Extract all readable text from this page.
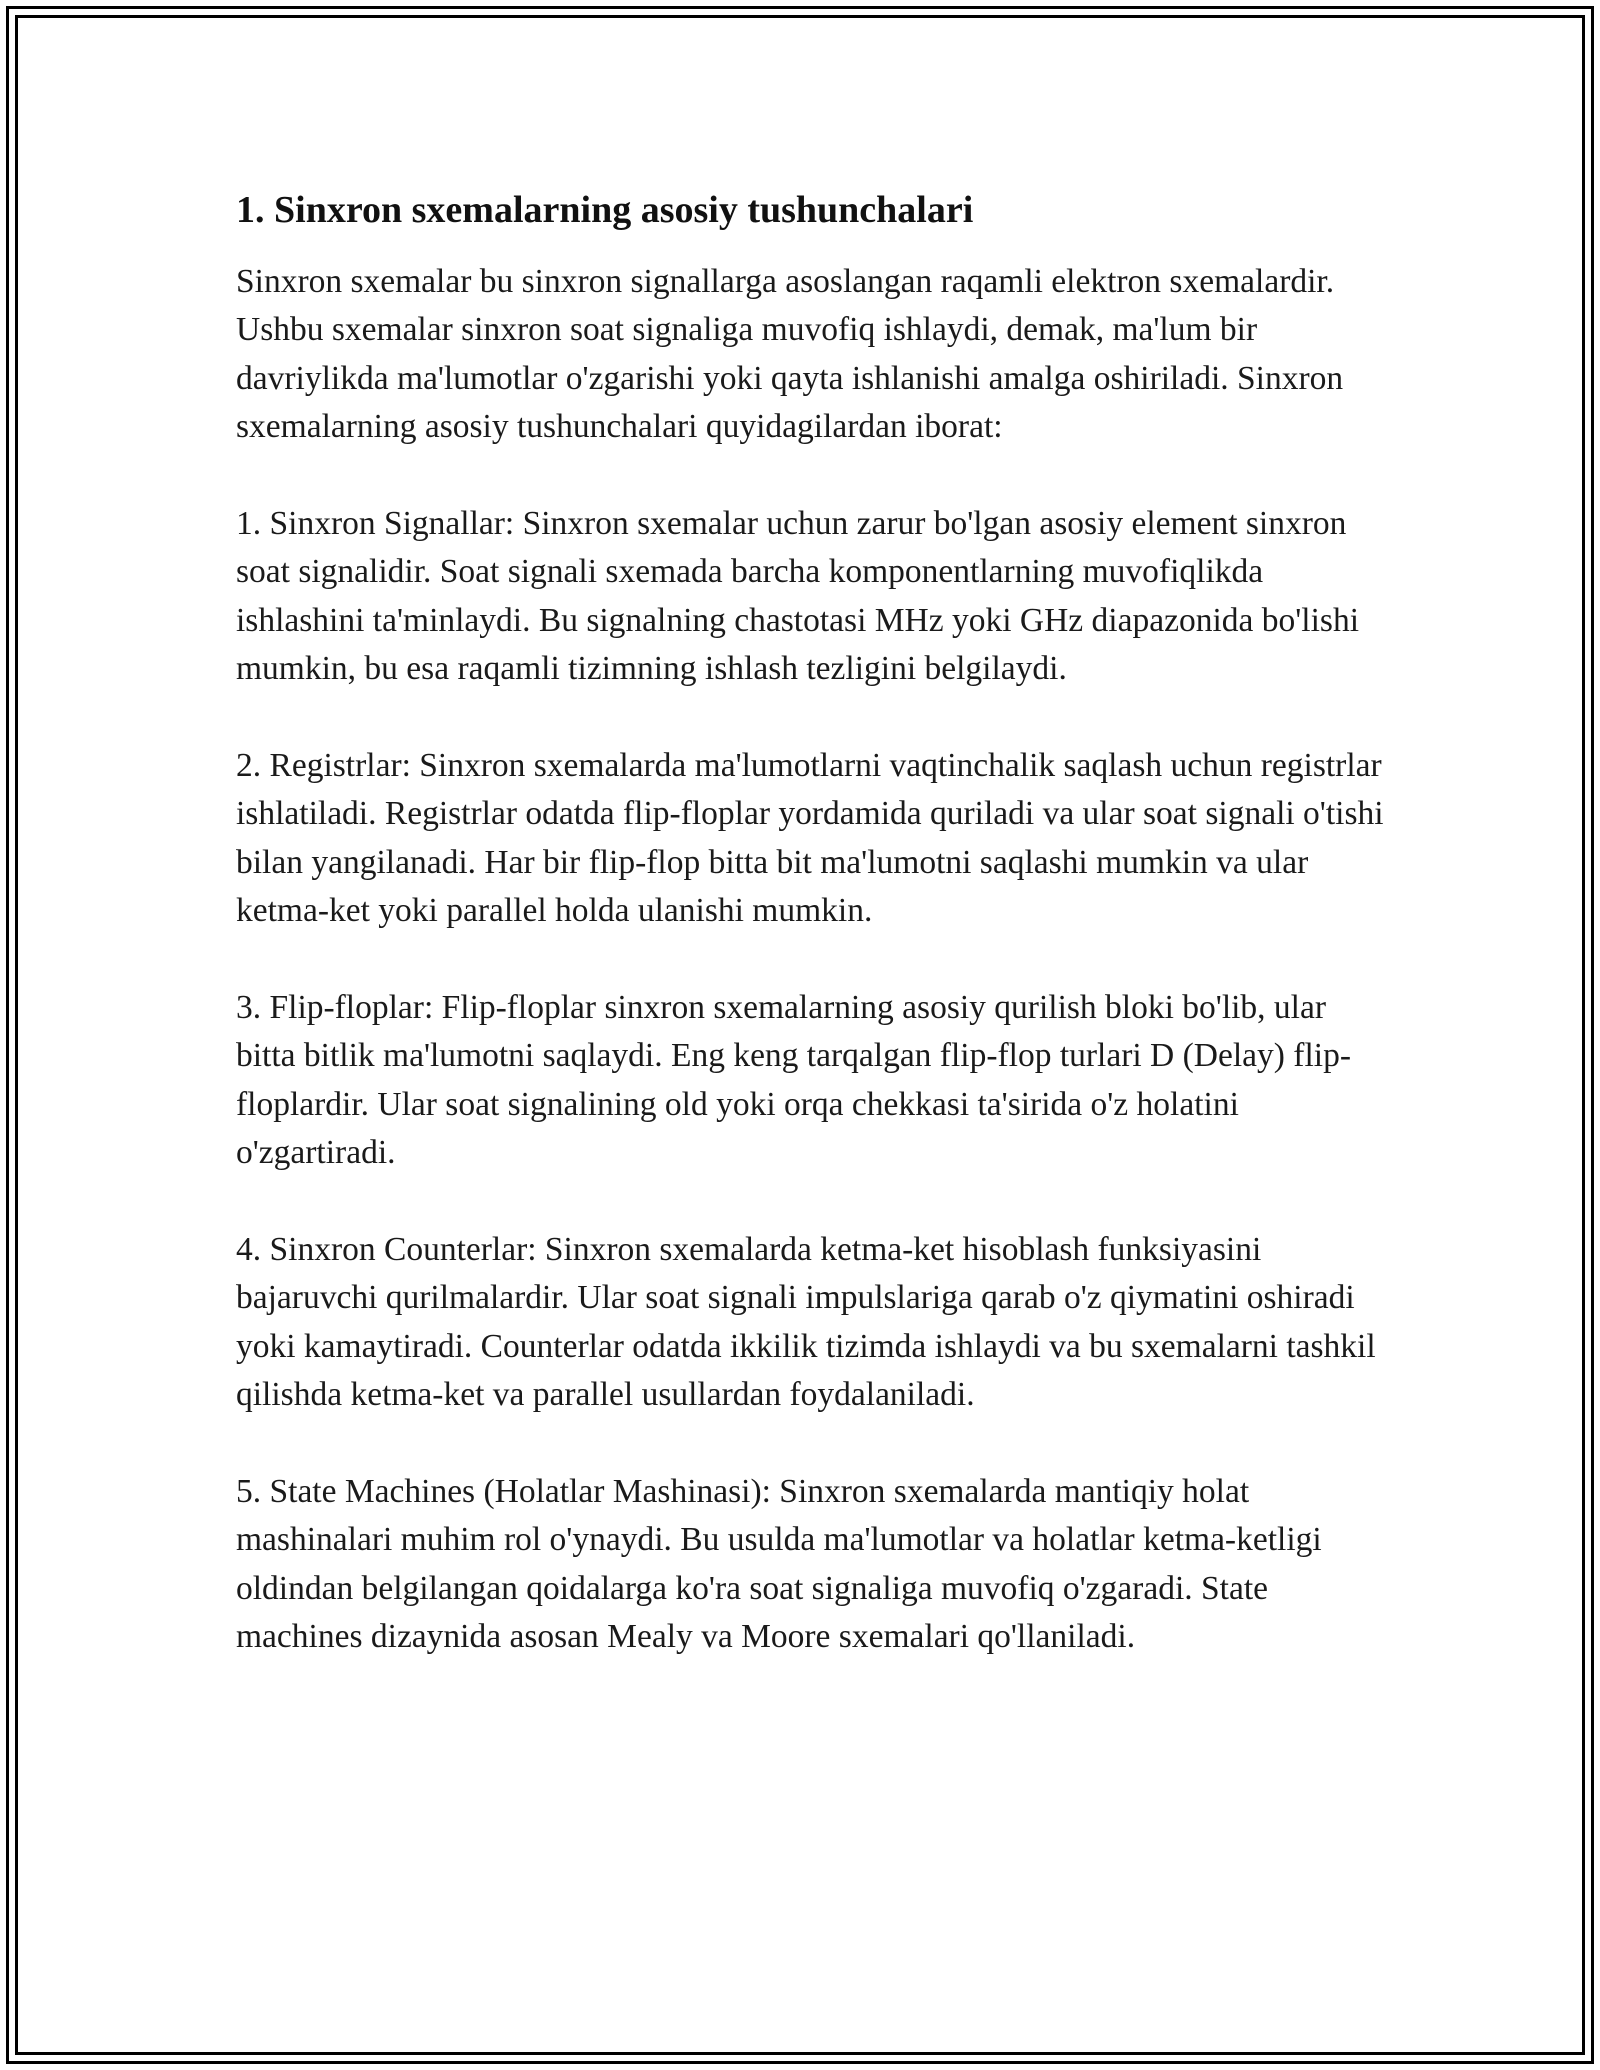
1. Sinxron sxemalarning asosiy tushunchalari

Sinxron sxemalar bu sinxron signallarga asoslangan raqamli elektron sxemalardir. Ushbu sxemalar sinxron soat signaliga muvofiq ishlaydi, demak, ma'lum bir davriylikda ma'lumotlar o'zgarishi yoki qayta ishlanishi amalga oshiriladi. Sinxron sxemalarning asosiy tushunchalari quyidagilardan iborat:

1. Sinxron Signallar: Sinxron sxemalar uchun zarur bo'lgan asosiy element sinxron soat signalidir. Soat signali sxemada barcha komponentlarning muvofiqlikda ishlashini ta'minlaydi. Bu signalning chastotasi MHz yoki GHz diapazonida bo'lishi mumkin, bu esa raqamli tizimning ishlash tezligini belgilaydi.

2. Registrlar: Sinxron sxemalarda ma'lumotlarni vaqtinchalik saqlash uchun registrlar ishlatiladi. Registrlar odatda flip-floplar yordamida quriladi va ular soat signali o'tishi bilan yangilanadi. Har bir flip-flop bitta bit ma'lumotni saqlashi mumkin va ular ketma-ket yoki parallel holda ulanishi mumkin.

3. Flip-floplar: Flip-floplar sinxron sxemalarning asosiy qurilish bloki bo'lib, ular bitta bitlik ma'lumotni saqlaydi. Eng keng tarqalgan flip-flop turlari D (Delay) flip-floplardir. Ular soat signalining old yoki orqa chekkasi ta'sirida o'z holatini o'zgartiradi.

4. Sinxron Counterlar: Sinxron sxemalarda ketma-ket hisoblash funksiyasini bajaruvchi qurilmalardir. Ular soat signali impulslariga qarab o'z qiymatini oshiradi yoki kamaytiradi. Counterlar odatda ikkilik tizimda ishlaydi va bu sxemalarni tashkil qilishda ketma-ket va parallel usullardan foydalaniladi.

5. State Machines (Holatlar Mashinasi): Sinxron sxemalarda mantiqiy holat mashinalari muhim rol o'ynaydi. Bu usulda ma'lumotlar va holatlar ketma-ketligi oldindan belgilangan qoidalarga ko'ra soat signaliga muvofiq o'zgaradi. State machines dizaynida asosan Mealy va Moore sxemalari qo'llaniladi.
